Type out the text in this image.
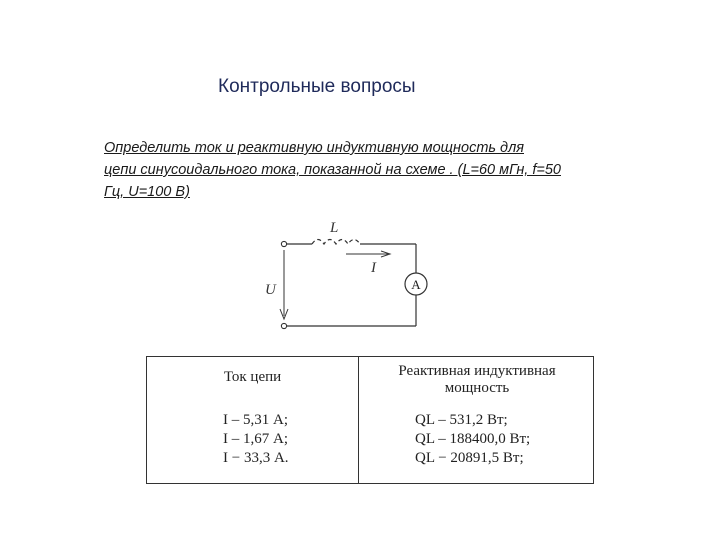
Контрольные вопросы
Определить ток и реактивную индуктивную мощность для
цепи синусоидального тока, показанной на схеме . (L=60 мГн, f=50
Гц, U=100 В)
A
L
I
U
Ток цепи	Реактивная индуктивная
мощность
I – 5,31 А;
I – 1,67 А;
I − 33,3 А.
QL – 531,2 Вт;
QL – 188400,0 Вт;
QL − 20891,5 Вт;
